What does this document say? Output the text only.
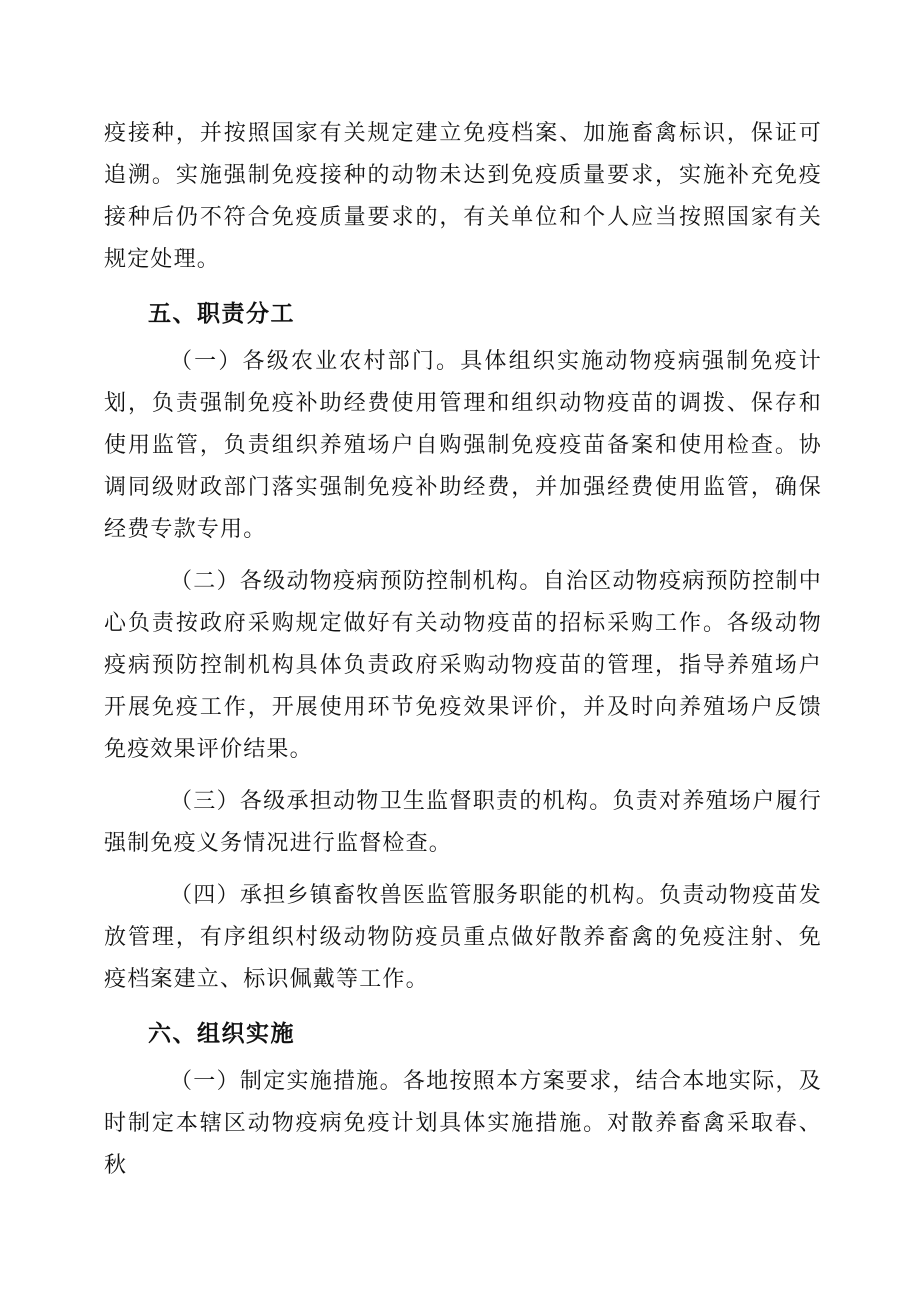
疫接种，并按照国家有关规定建立免疫档案、加施畜禽标识，保证可追溯。实施强制免疫接种的动物未达到免疫质量要求，实施补充免疫接种后仍不符合免疫质量要求的，有关单位和个人应当按照国家有关规定处理。

五、职责分工

（一）各级农业农村部门。具体组织实施动物疫病强制免疫计划，负责强制免疫补助经费使用管理和组织动物疫苗的调拨、保存和使用监管，负责组织养殖场户自购强制免疫疫苗备案和使用检查。协调同级财政部门落实强制免疫补助经费，并加强经费使用监管，确保经费专款专用。

（二）各级动物疫病预防控制机构。自治区动物疫病预防控制中心负责按政府采购规定做好有关动物疫苗的招标采购工作。各级动物疫病预防控制机构具体负责政府采购动物疫苗的管理，指导养殖场户开展免疫工作，开展使用环节免疫效果评价，并及时向养殖场户反馈免疫效果评价结果。

（三）各级承担动物卫生监督职责的机构。负责对养殖场户履行强制免疫义务情况进行监督检查。

（四）承担乡镇畜牧兽医监管服务职能的机构。负责动物疫苗发放管理，有序组织村级动物防疫员重点做好散养畜禽的免疫注射、免疫档案建立、标识佩戴等工作。

六、组织实施

（一）制定实施措施。各地按照本方案要求，结合本地实际，及时制定本辖区动物疫病免疫计划具体实施措施。对散养畜禽采取春、秋
